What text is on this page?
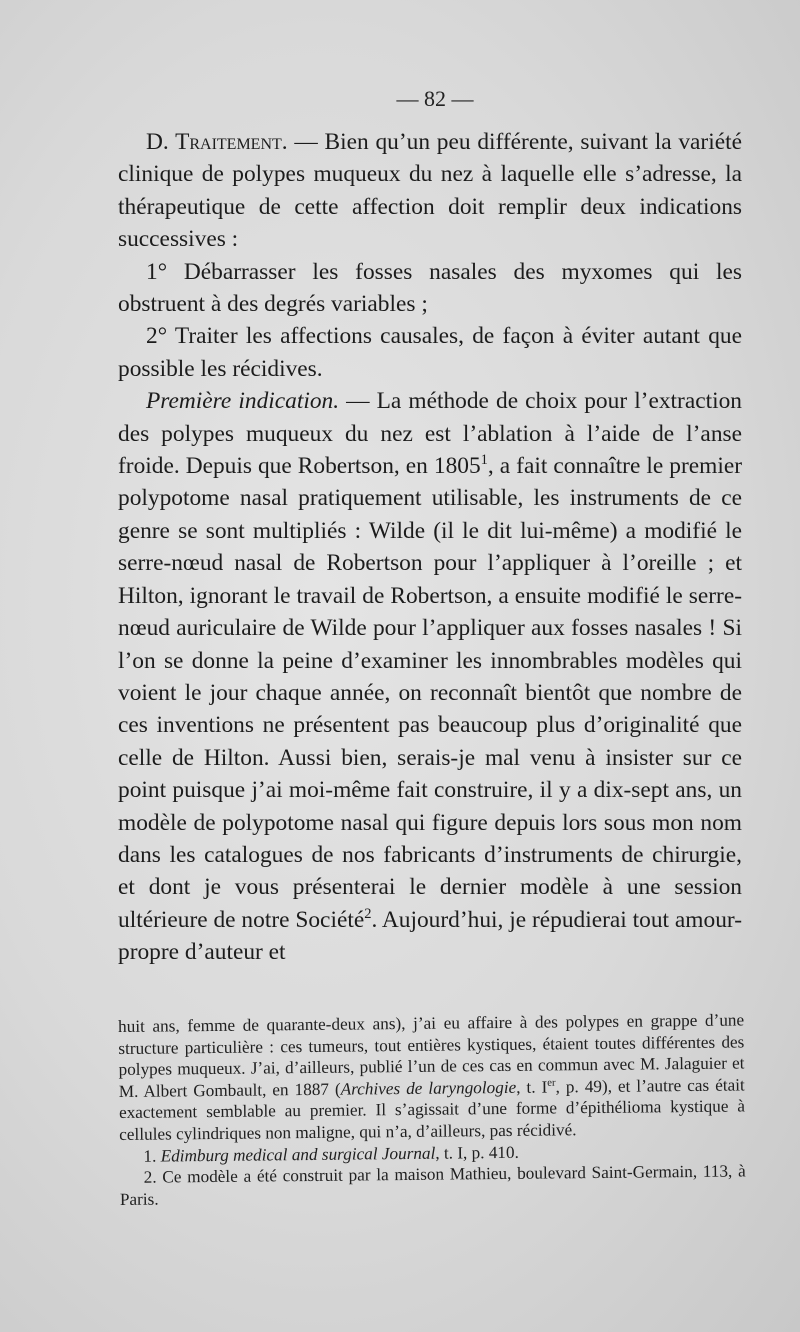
— 82 —

D. Traitement. — Bien qu’un peu différente, suivant la variété clinique de polypes muqueux du nez à laquelle elle s’adresse, la thérapeutique de cette affection doit remplir deux indications successives :

1° Débarrasser les fosses nasales des myxomes qui les obstruent à des degrés variables ;

2° Traiter les affections causales, de façon à éviter autant que possible les récidives.

Première indication. — La méthode de choix pour l’extraction des polypes muqueux du nez est l’ablation à l’aide de l’anse froide. Depuis que Robertson, en 1805$^1$, a fait connaître le premier polypotome nasal pratiquement utilisable, les instruments de ce genre se sont multipliés : Wilde (il le dit lui-même) a modifié le serre-nœud nasal de Robertson pour l’appliquer à l’oreille ; et Hilton, ignorant le travail de Robertson, a ensuite modifié le serre-nœud auriculaire de Wilde pour l’appliquer aux fosses nasales ! Si l’on se donne la peine d’examiner les innombrables modèles qui voient le jour chaque année, on reconnaît bientôt que nombre de ces inventions ne présentent pas beaucoup plus d’originalité que celle de Hilton. Aussi bien, serais-je mal venu à insister sur ce point puisque j’ai moi-même fait construire, il y a dix-sept ans, un modèle de polypotome nasal qui figure depuis lors sous mon nom dans les catalogues de nos fabricants d’instruments de chirurgie, et dont je vous présenterai le dernier modèle à une session ultérieure de notre Société$^2$. Aujourd’hui, je répudierai tout amour-propre d’auteur et

huit ans, femme de quarante-deux ans), j’ai eu affaire à des polypes en grappe d’une structure particulière : ces tumeurs, tout entières kystiques, étaient toutes différentes des polypes muqueux. J’ai, d’ailleurs, publié l’un de ces cas en commun avec M. Jalaguier et M. Albert Gombault, en 1887 (Archives de laryngologie, t. Ier, p. 49), et l’autre cas était exactement semblable au premier. Il s’agissait d’une forme d’épithélioma kystique à cellules cylindriques non maligne, qui n’a, d’ailleurs, pas récidivé.

1. Edimburg medical and surgical Journal, t. I, p. 410.

2. Ce modèle a été construit par la maison Mathieu, boulevard Saint-Germain, 113, à Paris.
